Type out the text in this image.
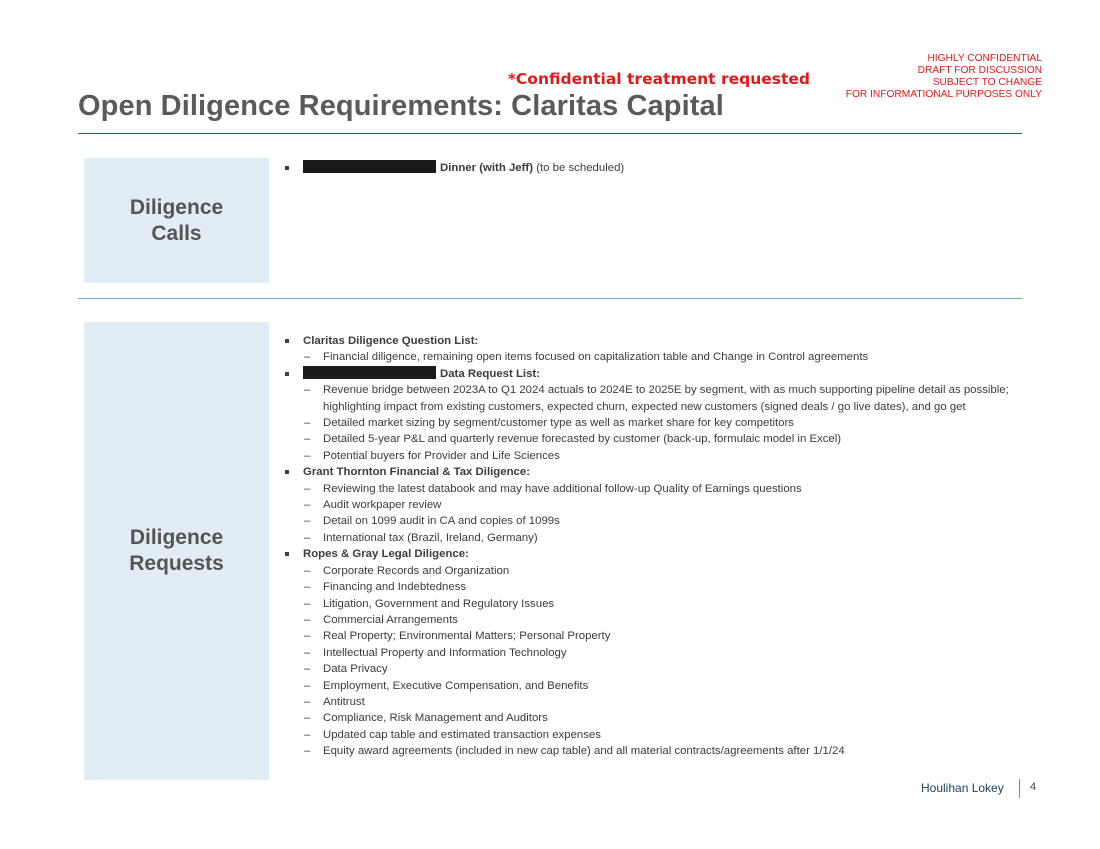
*Confidential treatment requested
HIGHLY CONFIDENTIAL
DRAFT FOR DISCUSSION
SUBJECT TO CHANGE
FOR INFORMATIONAL PURPOSES ONLY
Open Diligence Requirements: Claritas Capital
Diligence
Calls
Dinner (with Jeff) (to be scheduled)
Diligence
Requests
Claritas Diligence Question List:
– Financial diligence, remaining open items focused on capitalization table and Change in Control agreements
Data Request List:
– Revenue bridge between 2023A to Q1 2024 actuals to 2024E to 2025E by segment, with as much supporting pipeline detail as possible; highlighting impact from existing customers, expected churn, expected new customers (signed deals / go live dates), and go get
– Detailed market sizing by segment/customer type as well as market share for key competitors
– Detailed 5-year P&L and quarterly revenue forecasted by customer (back-up, formulaic model in Excel)
– Potential buyers for Provider and Life Sciences
Grant Thornton Financial & Tax Diligence:
– Reviewing the latest databook and may have additional follow-up Quality of Earnings questions
– Audit workpaper review
– Detail on 1099 audit in CA and copies of 1099s
– International tax (Brazil, Ireland, Germany)
Ropes & Gray Legal Diligence:
– Corporate Records and Organization
– Financing and Indebtedness
– Litigation, Government and Regulatory Issues
– Commercial Arrangements
– Real Property; Environmental Matters; Personal Property
– Intellectual Property and Information Technology
– Data Privacy
– Employment, Executive Compensation, and Benefits
– Antitrust
– Compliance, Risk Management and Auditors
– Updated cap table and estimated transaction expenses
– Equity award agreements (included in new cap table) and all material contracts/agreements after 1/1/24
Houlihan Lokey 4
